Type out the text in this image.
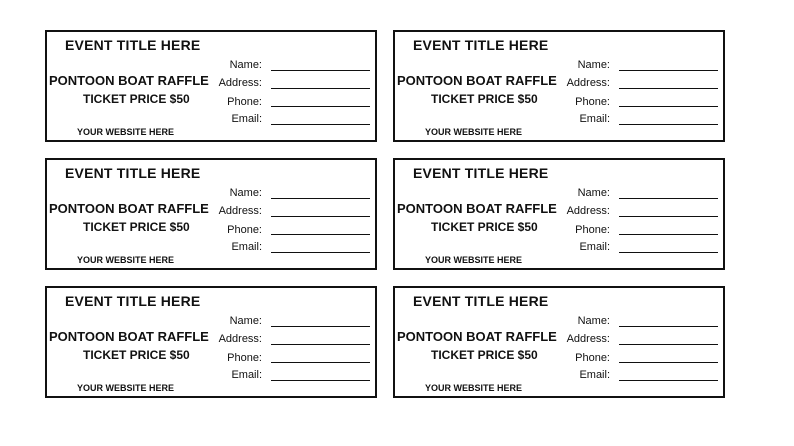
EVENT TITLE HERE
PONTOON BOAT RAFFLE
TICKET PRICE $50
YOUR WEBSITE HERE
Name:
Address:
Phone:
Email:
EVENT TITLE HERE
PONTOON BOAT RAFFLE
TICKET PRICE $50
YOUR WEBSITE HERE
Name:
Address:
Phone:
Email:
EVENT TITLE HERE
PONTOON BOAT RAFFLE
TICKET PRICE $50
YOUR WEBSITE HERE
Name:
Address:
Phone:
Email:
EVENT TITLE HERE
PONTOON BOAT RAFFLE
TICKET PRICE $50
YOUR WEBSITE HERE
Name:
Address:
Phone:
Email:
EVENT TITLE HERE
PONTOON BOAT RAFFLE
TICKET PRICE $50
YOUR WEBSITE HERE
Name:
Address:
Phone:
Email:
EVENT TITLE HERE
PONTOON BOAT RAFFLE
TICKET PRICE $50
YOUR WEBSITE HERE
Name:
Address:
Phone:
Email:
